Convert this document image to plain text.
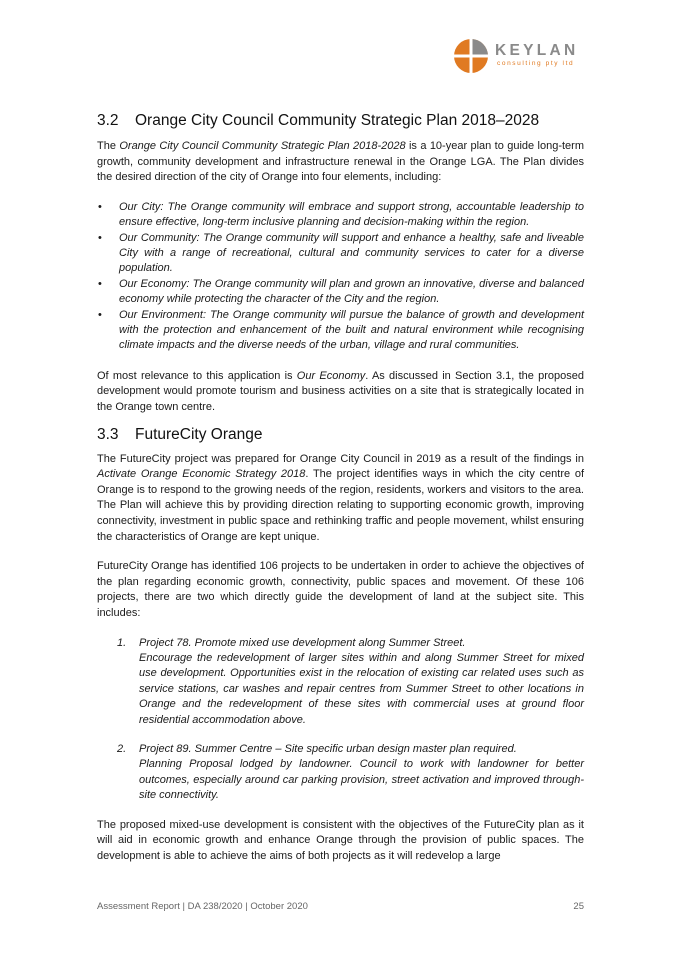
KEYLAN
consulting pty ltd
3.2 Orange City Council Community Strategic Plan 2018–2028

The Orange City Council Community Strategic Plan 2018-2028 is a 10-year plan to guide long-term growth, community development and infrastructure renewal in the Orange LGA. The Plan divides the desired direction of the city of Orange into four elements, including:

• Our City: The Orange community will embrace and support strong, accountable leadership to ensure effective, long-term inclusive planning and decision-making within the region.
• Our Community: The Orange community will support and enhance a healthy, safe and liveable City with a range of recreational, cultural and community services to cater for a diverse population.
• Our Economy: The Orange community will plan and grown an innovative, diverse and balanced economy while protecting the character of the City and the region.
• Our Environment: The Orange community will pursue the balance of growth and development with the protection and enhancement of the built and natural environment while recognising climate impacts and the diverse needs of the urban, village and rural communities.

Of most relevance to this application is Our Economy. As discussed in Section 3.1, the proposed development would promote tourism and business activities on a site that is strategically located in the Orange town centre.

3.3 FutureCity Orange

The FutureCity project was prepared for Orange City Council in 2019 as a result of the findings in Activate Orange Economic Strategy 2018. The project identifies ways in which the city centre of Orange is to respond to the growing needs of the region, residents, workers and visitors to the area. The Plan will achieve this by providing direction relating to supporting economic growth, improving connectivity, investment in public space and rethinking traffic and people movement, whilst ensuring the characteristics of Orange are kept unique.

FutureCity Orange has identified 106 projects to be undertaken in order to achieve the objectives of the plan regarding economic growth, connectivity, public spaces and movement. Of these 106 projects, there are two which directly guide the development of land at the subject site. This includes:

1. Project 78. Promote mixed use development along Summer Street.
Encourage the redevelopment of larger sites within and along Summer Street for mixed use development. Opportunities exist in the relocation of existing car related uses such as service stations, car washes and repair centres from Summer Street to other locations in Orange and the redevelopment of these sites with commercial uses at ground floor residential accommodation above.
2. Project 89. Summer Centre – Site specific urban design master plan required.
Planning Proposal lodged by landowner. Council to work with landowner for better outcomes, especially around car parking provision, street activation and improved through-site connectivity.

The proposed mixed-use development is consistent with the objectives of the FutureCity plan as it will aid in economic growth and enhance Orange through the provision of public spaces. The development is able to achieve the aims of both projects as it will redevelop a large

Assessment Report | DA 238/2020 | October 2020	25
